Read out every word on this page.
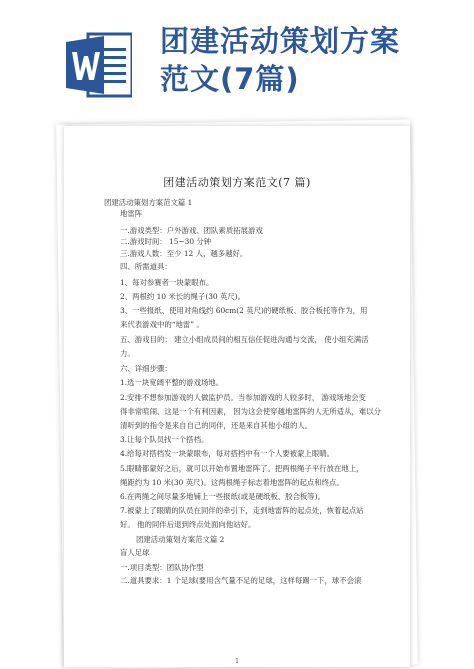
团建活动策划方案
范文(7篇)
团建活动策划方案范文(7 篇)
团建活动策划方案范文篇 1
地雷阵
一.游戏类型：户外游戏、团队素质拓展游戏
二.游戏时间： 15~30 分钟
三.游戏人数：至少 12 人，越多越好。
四、所需道具：
1、每对参赛者一块蒙眼布。
2、两根约 10 米长的绳子(30 英尺)。
3、一些报纸、使用对角线约 60cm(2 英尺)的硬纸板、胶合板托等作为，用
来代表游戏中的“地雷” 。
五、游戏目的： 建立小组成员间的相互信任促进沟通与交流， 使小组充满活
力。
六、详细步骤：
1.选一块宽阔平整的游戏场地。
2.安排不想参加游戏的人做监护员。当参加游戏的人较多时， 游戏场地会变
得非常喧闹、这是一个有利因素， 因为这会使穿越地雷阵的人无所适从，难以分
清听到的指令是来自自己的同伴，还是来自其他小组的人。
3.让每个队员找一个搭档。
4.给每对搭档发一块蒙眼布，每对搭档中有一个人要被蒙上眼睛。
5.眼睛都蒙好之后，就可以开始布置地雷阵了。把两根绳子平行放在地上，
绳距约为 10 米(30 英尺)。这两根绳子标志着地雷阵的起点和终点。
6.在两绳之间尽量多地铺上一些报纸(或是硬纸板、胶合板等)。
7.被蒙上了眼睛的队员在同伴的牵引下，走到地雷阵的起点处，恢着起点站
好。 他的同伴后退到终点处面向他站好。
团建活动策划方案范文篇 2
盲人足球
一.项目类型：团队协作型
二.道具要求：1 个足球(要用含气量不足的足球，这样每踢一下，球不会滚
1
